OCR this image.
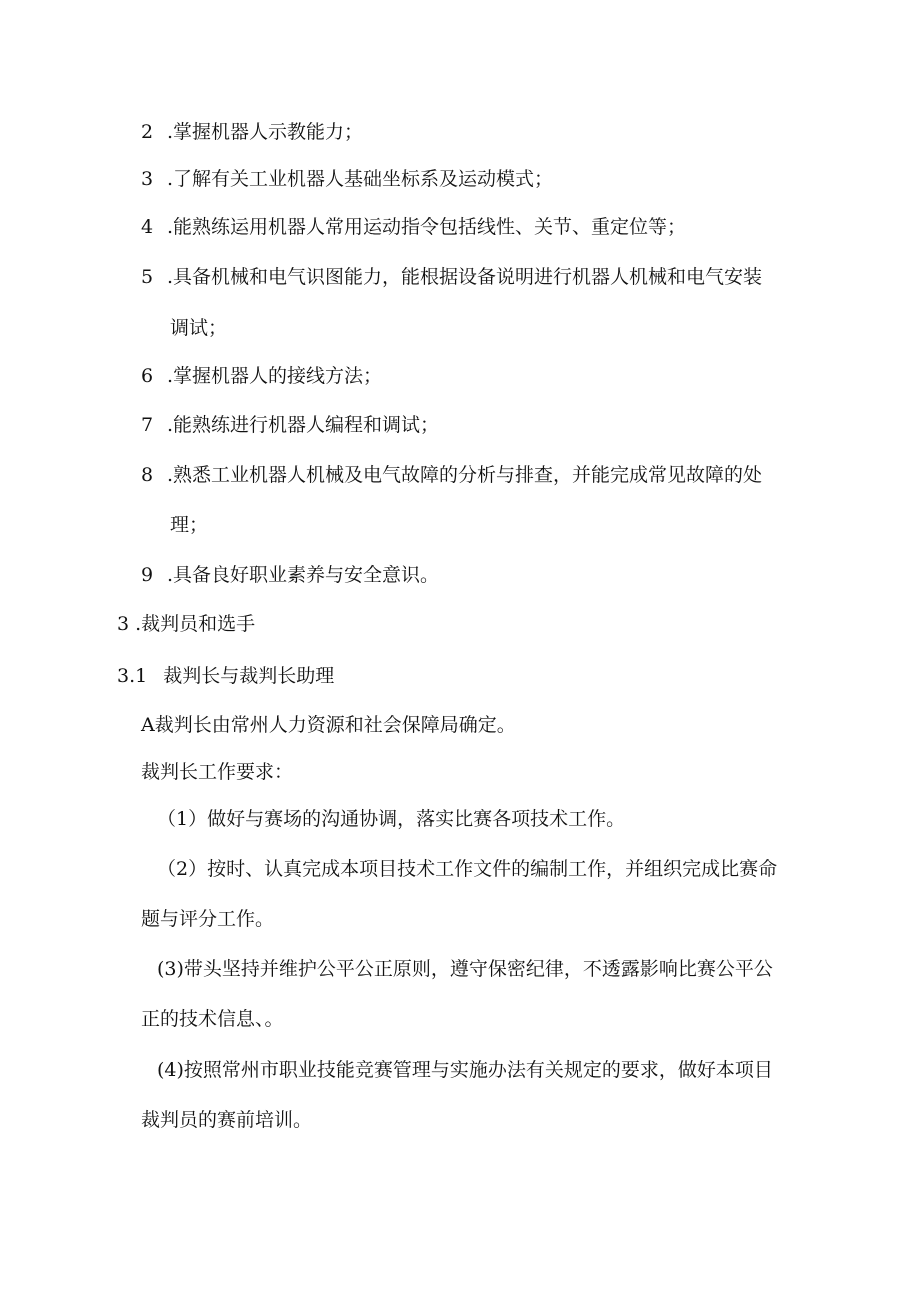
2 .掌握机器人示教能力；

3 .了解有关工业机器人基础坐标系及运动模式；

4 .能熟练运用机器人常用运动指令包括线性、关节、重定位等；

5 .具备机械和电气识图能力，能根据设备说明进行机器人机械和电气安装

调试；

6 .掌握机器人的接线方法；

7 .能熟练进行机器人编程和调试；

8 .熟悉工业机器人机械及电气故障的分析与排查，并能完成常见故障的处

理；

9 .具备良好职业素养与安全意识。

3 .裁判员和选手

3.1 裁判长与裁判长助理

A裁判长由常州人力资源和社会保障局确定。

裁判长工作要求：

（1）做好与赛场的沟通协调，落实比赛各项技术工作。

（2）按时、认真完成本项目技术工作文件的编制工作，并组织完成比赛命

题与评分工作。

(3)带头坚持并维护公平公正原则，遵守保密纪律，不透露影响比赛公平公

正的技术信息、。

(4)按照常州市职业技能竞赛管理与实施办法有关规定的要求，做好本项目

裁判员的赛前培训。
